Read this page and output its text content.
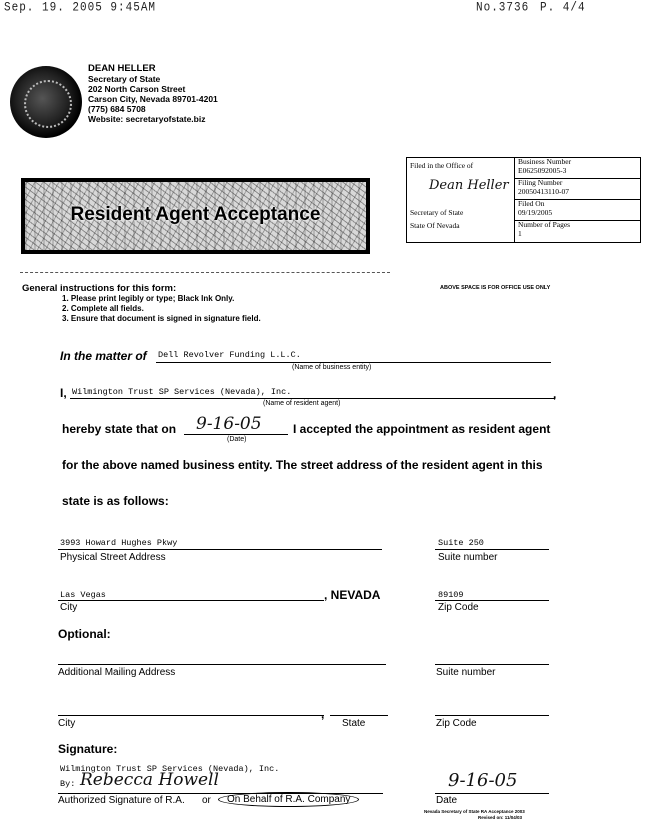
Sep. 19. 2005 9:45AM	No.3736 P. 4/4
DEAN HELLER
Secretary of State
202 North Carson Street
Carson City, Nevada 89701-4201
(775) 684 5708
Website: secretaryofstate.biz
Filed in the Office of
Dean Heller
Secretary of State
State Of Nevada
Business Number
E0625092005-3
Filing Number
20050413110-07
Filed On
09/19/2005
Number of Pages
1
Resident Agent Acceptance
General instructions for this form:
1. Please print legibly or type; Black Ink Only.
2. Complete all fields.
3. Ensure that document is signed in signature field.
ABOVE SPACE IS FOR OFFICE USE ONLY
In the matter of Dell Revolver Funding L.L.C.
(Name of business entity)
I, Wilmington Trust SP Services (Nevada), Inc.	,
(Name of resident agent)
hereby state that on 9-16-05
(Date)
I accepted the appointment as resident agent
for the above named business entity. The street address of the resident agent in this
state is as follows:
3993 Howard Hughes Pkwy
Physical Street Address
Suite 250
Suite number
Las Vegas
City
, NEVADA	89109
Zip Code
Optional:
Additional Mailing Address	Suite number
,
City	State	Zip Code
Signature:
Wilmington Trust SP Services (Nevada), Inc.
By: Rebecca Howell
Authorized Signature of R.A. or	On Behalf of R.A. Company
9-16-05
Date
Nevada Secretary of State RA Acceptance 2003
Revised on: 11/04/03
